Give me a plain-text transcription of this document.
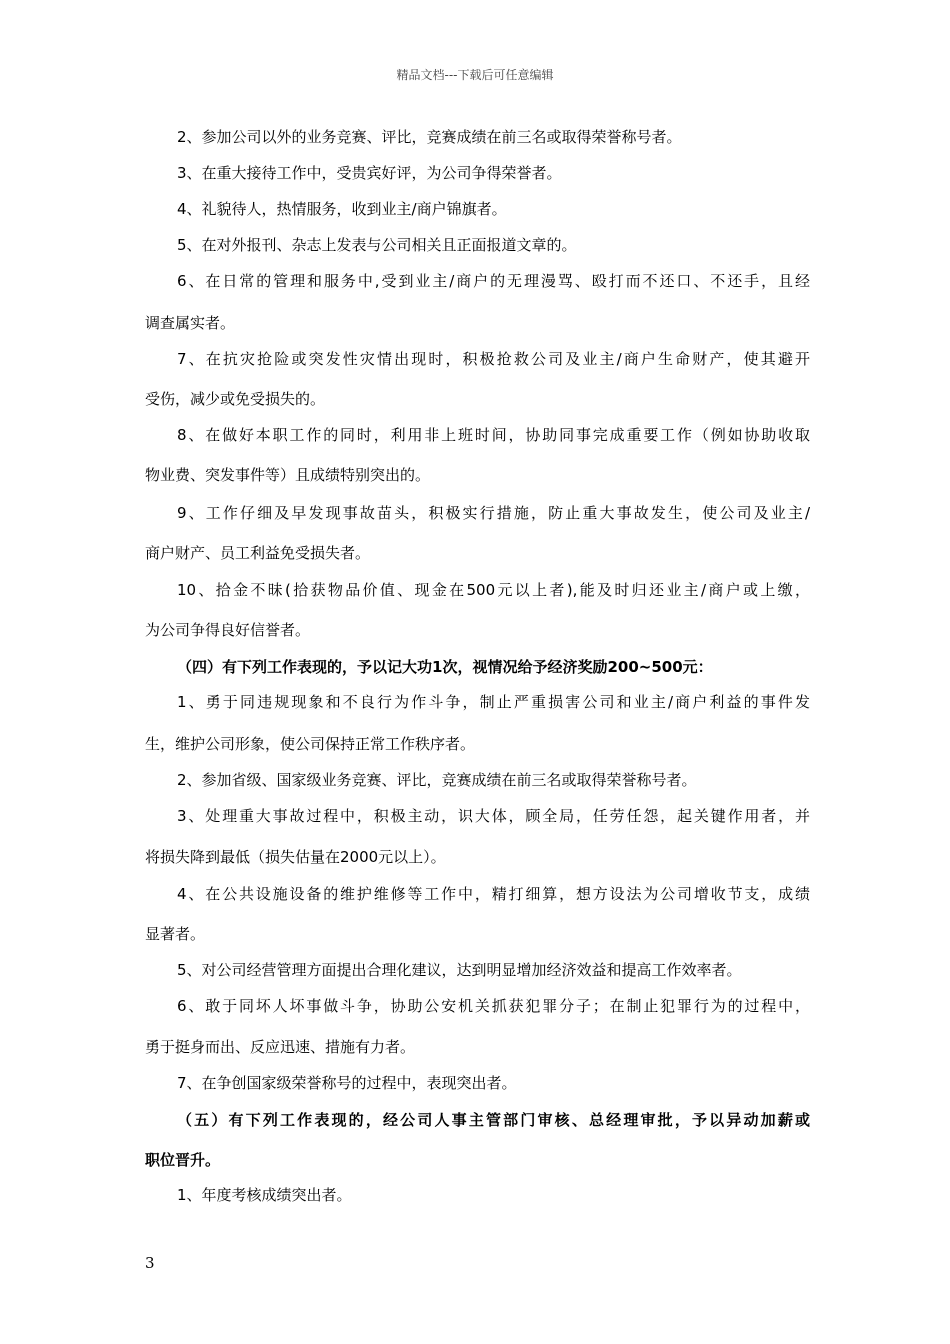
精品文档---下载后可任意编辑
2、参加公司以外的业务竞赛、评比，竞赛成绩在前三名或取得荣誉称号者。
3、在重大接待工作中，受贵宾好评，为公司争得荣誉者。
4、礼貌待人，热情服务，收到业主/商户锦旗者。
5、在对外报刊、杂志上发表与公司相关且正面报道文章的。
6、在日常的管理和服务中,受到业主/商户的无理漫骂、殴打而不还口、不还手，且经
调查属实者。
7、在抗灾抢险或突发性灾情出现时，积极抢救公司及业主/商户生命财产，使其避开
受伤，减少或免受损失的。
8、在做好本职工作的同时，利用非上班时间，协助同事完成重要工作（例如协助收取
物业费、突发事件等）且成绩特别突出的。
9、工作仔细及早发现事故苗头，积极实行措施，防止重大事故发生，使公司及业主/
商户财产、员工利益免受损失者。
10、拾金不昧(拾获物品价值、现金在500元以上者),能及时归还业主/商户或上缴，
为公司争得良好信誉者。
（四）有下列工作表现的，予以记大功1次，视情况给予经济奖励200~500元：
1、勇于同违规现象和不良行为作斗争，制止严重损害公司和业主/商户利益的事件发
生，维护公司形象，使公司保持正常工作秩序者。
2、参加省级、国家级业务竞赛、评比，竞赛成绩在前三名或取得荣誉称号者。
3、处理重大事故过程中，积极主动，识大体，顾全局，任劳任怨，起关键作用者，并
将损失降到最低（损失估量在2000元以上）。
4、在公共设施设备的维护维修等工作中，精打细算，想方设法为公司增收节支，成绩
显著者。
5、对公司经营管理方面提出合理化建议，达到明显增加经济效益和提高工作效率者。
6、敢于同坏人坏事做斗争，协助公安机关抓获犯罪分子；在制止犯罪行为的过程中，
勇于挺身而出、反应迅速、措施有力者。
7、在争创国家级荣誉称号的过程中，表现突出者。
（五）有下列工作表现的，经公司人事主管部门审核、总经理审批，予以异动加薪或
职位晋升。
1、年度考核成绩突出者。
3
